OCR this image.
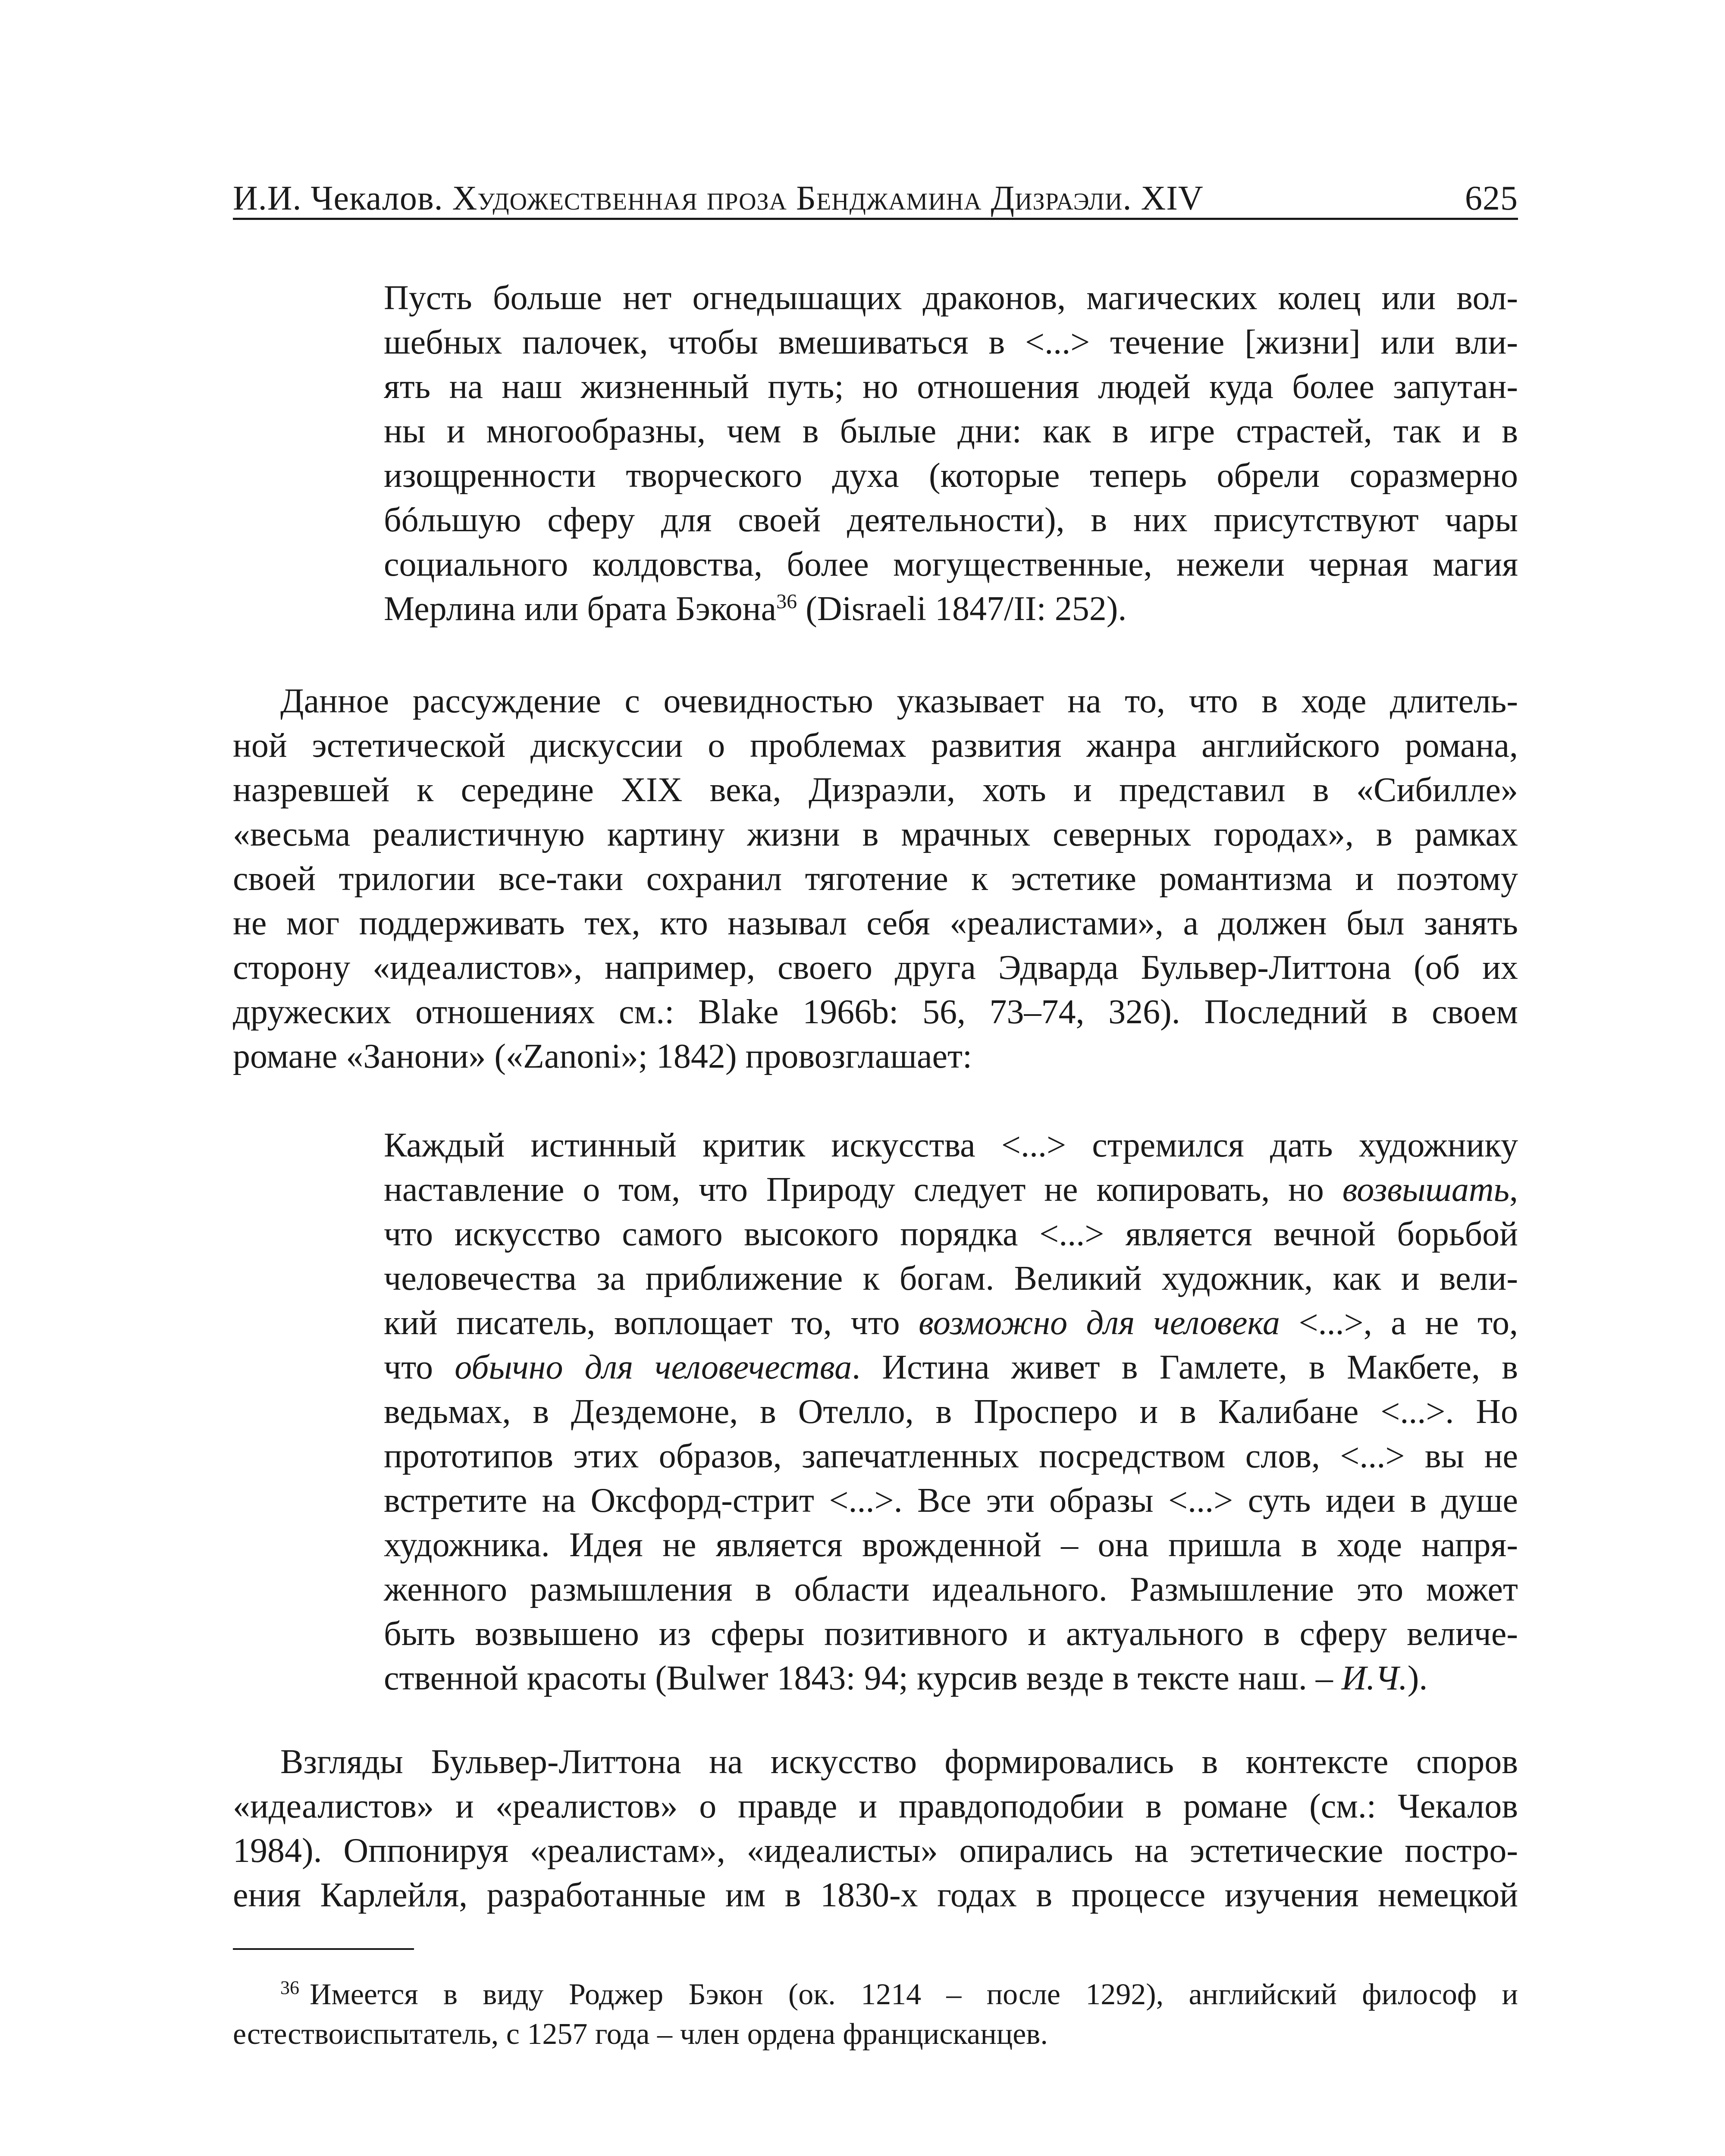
И.И. Чекалов. Художественная проза Бенджамина Дизраэли. XIV	625
Пусть больше нет огнедышащих драконов, магических колец или вол-
шебных палочек, чтобы вмешиваться в <...> течение [жизни] или вли-
ять на наш жизненный путь; но отношения людей куда более запутан-
ны и многообразны, чем в былые дни: как в игре страстей, так и в
изощренности творческого духа (которые теперь обрели соразмерно
бóльшую сферу для своей деятельности), в них присутствуют чары
социального колдовства, более могущественные, нежели черная магия
Мерлина или брата Бэкона$^{36}$ (Disraeli 1847/II: 252).
Данное рассуждение с очевидностью указывает на то, что в ходе длитель-
ной эстетической дискуссии о проблемах развития жанра английского романа,
назревшей к середине XIX века, Дизраэли, хоть и представил в «Сибилле»
«весьма реалистичную картину жизни в мрачных северных городах», в рамках
своей трилогии все-таки сохранил тяготение к эстетике романтизма и поэтому
не мог поддерживать тех, кто называл себя «реалистами», а должен был занять
сторону «идеалистов», например, своего друга Эдварда Бульвер-Литтона (об их
дружеских отношениях см.: Blake 1966b: 56, 73–74, 326). Последний в своем
романе «Занони» («Zanoni»; 1842) провозглашает:
Каждый истинный критик искусства <...> стремился дать художнику
наставление о том, что Природу следует не копировать, но возвышать,
что искусство самого высокого порядка <...> является вечной борьбой
человечества за приближение к богам. Великий художник, как и вели-
кий писатель, воплощает то, что возможно для человека <...>, а не то,
что обычно для человечества. Истина живет в Гамлете, в Макбете, в
ведьмах, в Дездемоне, в Отелло, в Просперо и в Калибане <...>. Но
прототипов этих образов, запечатленных посредством слов, <...> вы не
встретите на Оксфорд-стрит <...>. Все эти образы <...> суть идеи в душе
художника. Идея не является врожденной – она пришла в ходе напря-
женного размышления в области идеального. Размышление это может
быть возвышено из сферы позитивного и актуального в сферу величе-
ственной красоты (Bulwer 1843: 94; курсив везде в тексте наш. – И.Ч.).
Взгляды Бульвер-Литтона на искусство формировались в контексте споров
«идеалистов» и «реалистов» о правде и правдоподобии в романе (см.: Чекалов
1984). Оппонируя «реалистам», «идеалисты» опирались на эстетические постро-
ения Карлейля, разработанные им в 1830-х годах в процессе изучения немецкой
$^{36}$ Имеется в виду Роджер Бэкон (ок. 1214 – после 1292), английский философ и
естествоиспытатель, с 1257 года – член ордена францисканцев.
